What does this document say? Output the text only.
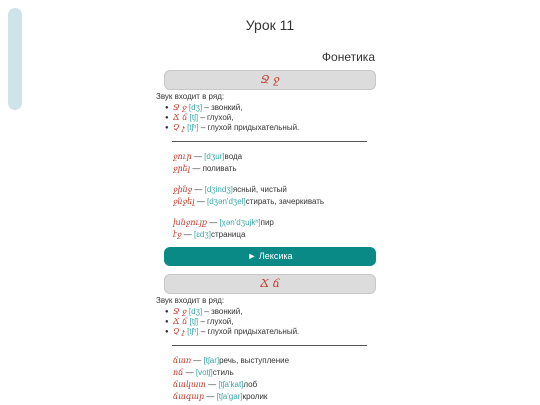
Урок 11
Фонетика
Ջ ջ
Звук входит в ряд:
● Ջ ջ [dʒ] – звонкий,
● Ճ ճ [tʃ] – глухой,
● Չ չ [tʃʰ] – глухой придыхательный.
ջուր — [dʒur]вода
ջրել — поливать
ջինջ — [dʒindʒ]ясный, чистый
ջնջել — [dʒən'dʒel]стирать, зачеркивать
խնջույք — [χən'dʒujkʰ]пир
էջ — [ɛdʒ]страница
► Лексика
Ճ ճ
Звук входит в ряд:
● Ջ ջ [dʒ] – звонкий,
● Ճ ճ [tʃ] – глухой,
● Չ չ [tʃʰ] – глухой придыхательный.
ճառ — [tʃar]речь, выступление
ոճ — [votʃ]стиль
ճակատ — [tʃa'kat]лоб
ճագար — [tʃa'gar]кролик
